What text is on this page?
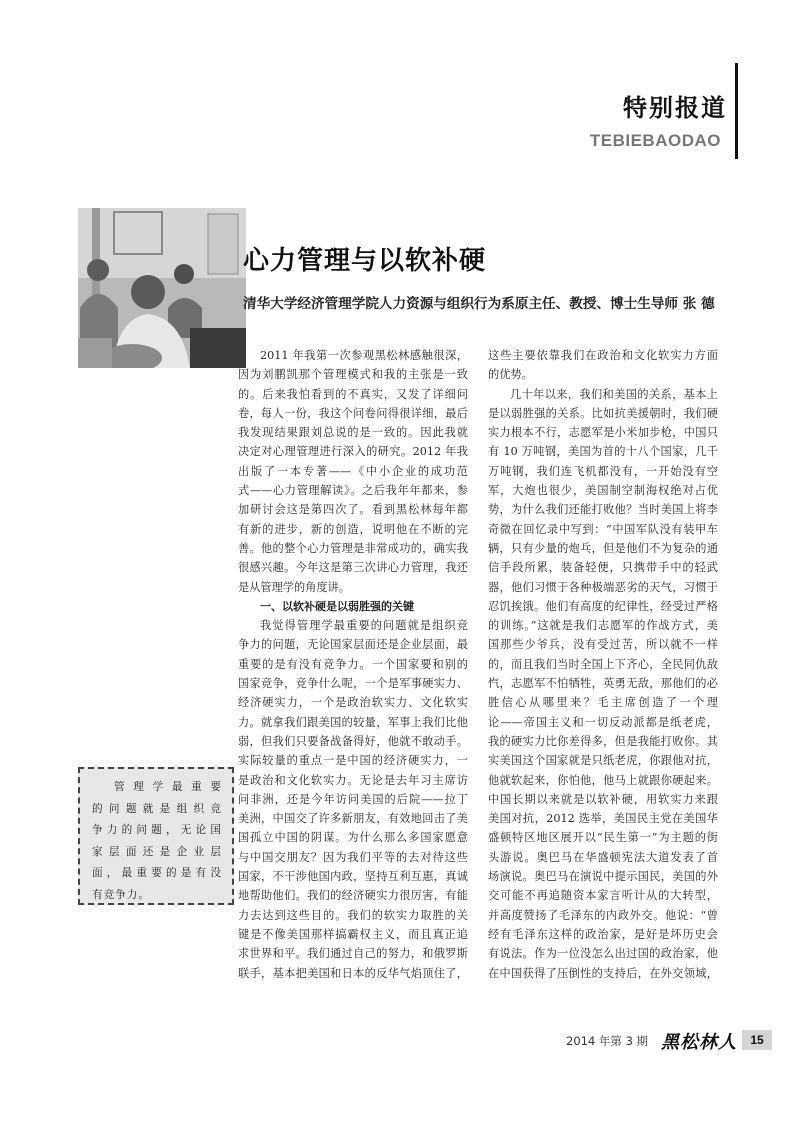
特别报道
TEBIEBAODAO
心力管理与以软补硬
清华大学经济管理学院人力资源与组织行为系原主任、教授、博士生导师 张 德
2011 年我第一次参观黑松林感触很深，
因为刘鹏凯那个管理模式和我的主张是一致
的。后来我怕看到的不真实，又发了详细问
卷，每人一份，我这个问卷问得很详细，最后
我发现结果跟刘总说的是一致的。因此我就
决定对心理管理进行深入的研究。2012 年我
出版了一本专著——《中小企业的成功范
式——心力管理解读》。之后我年年都来，参
加研讨会这是第四次了。看到黑松林每年都
有新的进步，新的创造，说明他在不断的完
善。他的整个心力管理是非常成功的，确实我
很感兴趣。今年这是第三次讲心力管理，我还
是从管理学的角度讲。
一、以软补硬是以弱胜强的关键
我觉得管理学最重要的问题就是组织竞
争力的问题，无论国家层面还是企业层面，最
重要的是有没有竞争力。一个国家要和别的
国家竞争，竞争什么呢，一个是军事硬实力、
经济硬实力，一个是政治软实力、文化软实
力。就拿我们跟美国的较量，军事上我们比他
弱，但我们只要备战备得好，他就不敢动手。
实际较量的重点一是中国的经济硬实力，一
是政治和文化软实力。无论是去年习主席访
问非洲，还是今年访问美国的后院——拉丁
美洲，中国交了许多新朋友，有效地回击了美
国孤立中国的阴谋。为什么那么多国家愿意
与中国交朋友？因为我们平等的去对待这些
国家，不干涉他国内政，坚持互利互惠，真诚
地帮助他们。我们的经济硬实力很厉害，有能
力去达到这些目的。我们的软实力取胜的关
键是不像美国那样搞霸权主义，而且真正追
求世界和平。我们通过自己的努力，和俄罗斯
联手，基本把美国和日本的反华气焰顶住了，
这些主要依靠我们在政治和文化软实力方面
的优势。
几十年以来，我们和美国的关系，基本上
是以弱胜强的关系。比如抗美援朝时，我们硬
实力根本不行，志愿军是小米加步枪，中国只
有 10 万吨钢，美国为首的十八个国家，几千
万吨钢，我们连飞机都没有，一开始没有空
军，大炮也很少，美国制空制海权绝对占优
势，为什么我们还能打败他？当时美国上将李
奇微在回忆录中写到：“中国军队没有装甲车
辆，只有少量的炮乓，但是他们不为复杂的通
信手段所累，装备轻便，只携带手中的轻武
器，他们习惯于各种极端恶劣的天气，习惯于
忍饥挨饿。他们有高度的纪律性，经受过严格
的训练。”这就是我们志愿军的作战方式，美
国那些少爷兵，没有受过苦，所以就不一样
的，而且我们当时全国上下齐心，全民同仇敌
忾，志愿军不怕牺牲，英勇无敌，那他们的必
胜信心从哪里来？毛主席创造了一个理
论——帝国主义和一切反动派都是纸老虎，
我的硬实力比你差得多，但是我能打败你。其
实美国这个国家就是只纸老虎，你跟他对抗，
他就软起来，你怕他，他马上就跟你硬起来。
中国长期以来就是以软补硬，用软实力来跟
美国对抗，2012 选举，美国民主党在美国华
盛顿特区地区展开以“民生第一”为主题的街
头游说。奥巴马在华盛顿宪法大道发表了首
场演说。奥巴马在演说中提示国民，美国的外
交可能不再追随资本家言听计从的大转型，
并高度赞扬了毛泽东的内政外交。他说：“曾
经有毛泽东这样的政治家，是好是坏历史会
有说法。作为一位没怎么出过国的政治家，他
在中国获得了压倒性的支持后，在外交领域，
管理学最重要
的问题就是组织竞
争力的问题，无论国
家层面还是企业层
面，最重要的是有没
有竞争力。
2014 年第 3 期 黑松林人	15
